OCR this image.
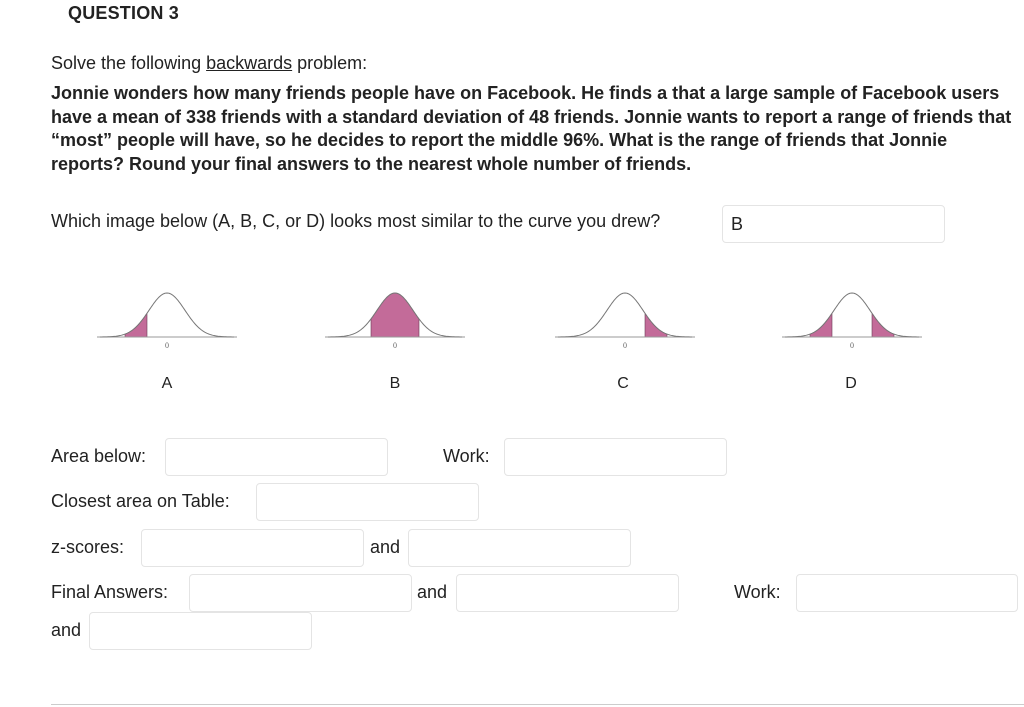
QUESTION 3
Solve the following backwards problem:
Jonnie wonders how many friends people have on Facebook. He finds a that a large sample of Facebook users have a mean of 338 friends with a standard deviation of 48 friends. Jonnie wants to report a range of friends that “most” people will have, so he decides to report the middle 96%. What is the range of friends that Jonnie reports? Round your final answers to the nearest whole number of friends.
Which image below (A, B, C, or D) looks most similar to the curve you drew?
B
0	0	0	0
A	B	C	D
Area below:	Work:
Closest area on Table:
z-scores:	and
Final Answers:	and	Work:
and
